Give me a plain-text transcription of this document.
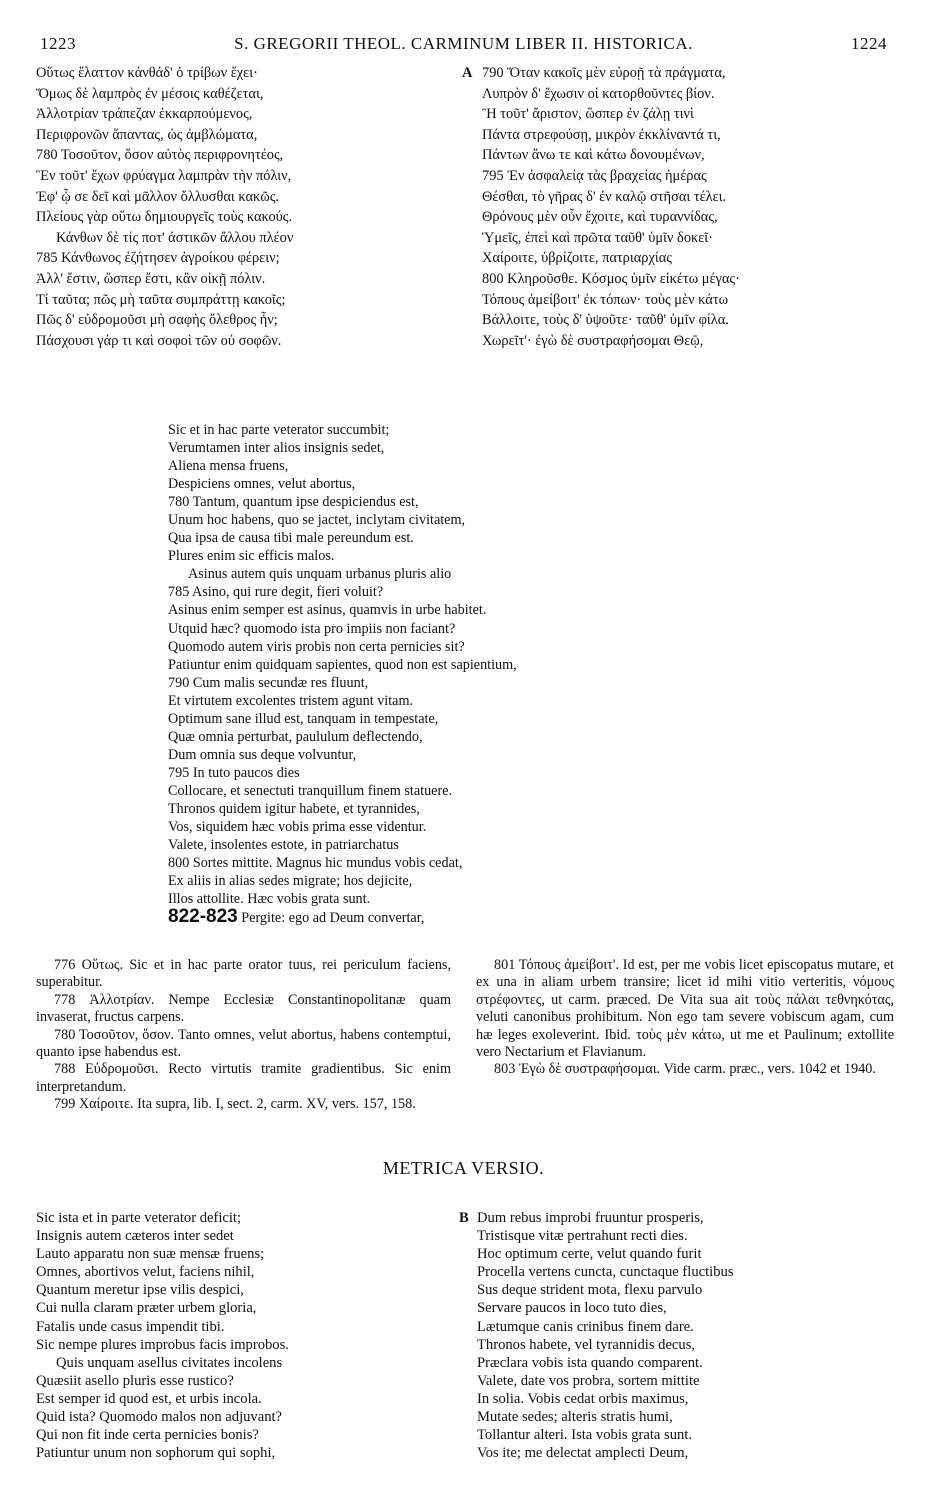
1223	S. GREGORII THEOL. CARMINUM LIBER II. HISTORICA.	1224
Οὕτως ἔλαττον κἀνθάδ' ὁ τρίβων ἔχει·
Ὅμως δὲ λαμπρὸς ἐν μέσοις καθέζεται,
Ἀλλοτρίαν τράπεζαν ἐκκαρπούμενος,
Περιφρονῶν ἅπαντας, ὡς ἀμβλώματα,
780 Τοσοῦτον, ὅσον αὐτὸς περιφρονητέος,
Ἓν τοῦτ' ἔχων φρύαγμα λαμπρὰν τὴν πόλιν,
Ἐφ' ᾧ σε δεῖ καὶ μᾶλλον ὄλλυσθαι κακῶς.
Πλείους γὰρ οὕτω δημιουργεῖς τοὺς κακούς.
Κάνθων δὲ τίς ποτ' ἀστικῶν ἄλλου πλέον
785 Κάνθωνος ἐζήτησεν ἀγροίκου φέρειν;
Ἀλλ' ἔστιν, ὥσπερ ἔστι, κἂν οἰκῇ πόλιν.
Τί ταῦτα; πῶς μὴ ταῦτα συμπράττῃ κακοῖς;
Πῶς δ' εὐδρομοῦσι μὴ σαφὴς ὄλεθρος ἦν;
Πάσχουσι γάρ τι καὶ σοφοὶ τῶν οὐ σοφῶν.
A 790 Ὅταν κακοῖς μὲν εὐροῇ τὰ πράγματα,
Λυπρὸν δ' ἔχωσιν οἱ κατορθοῦντες βίον.
Ἢ τοῦτ' ἄριστον, ὥσπερ ἐν ζάλῃ τινὶ
Πάντα στρεφούσῃ, μικρὸν ἐκκλίναντά τι,
Πάντων ἄνω τε καὶ κάτω δονουμένων,
795 Ἐν ἀσφαλείᾳ τὰς βραχείας ἡμέρας
Θέσθαι, τὸ γῆρας δ' ἐν καλῷ στῆσαι τέλει.
Θρόνους μὲν οὖν ἔχοιτε, καὶ τυραννίδας,
Ὑμεῖς, ἐπεὶ καὶ πρῶτα ταῦθ' ὑμῖν δοκεῖ·
Χαίροιτε, ὑβρίζοιτε, πατριαρχίας
800 Κληροῦσθε. Κόσμος ὑμῖν εἰκέτω μέγας·
Τόπους ἀμείβοιτ' ἐκ τόπων· τοὺς μὲν κάτω
Βάλλοιτε, τοὺς δ' ὑψοῦτε· ταῦθ' ὑμῖν φίλα.
Χωρεῖτ'· ἐγὼ δὲ συστραφήσομαι Θεῷ,
Sic et in hac parte veterator succumbit;
Verumtamen inter alios insignis sedet,
Aliena mensa fruens,
Despiciens omnes, velut abortus,
780 Tantum, quantum ipse despiciendus est,
Unum hoc habens, quo se jactet, inclytam civitatem,
Qua ipsa de causa tibi male pereundum est.
Plures enim sic efficis malos.
Asinus autem quis unquam urbanus pluris alio
785 Asino, qui rure degit, fieri voluit?
Asinus enim semper est asinus, quamvis in urbe habitet.
Utquid hæc? quomodo ista pro impiis non faciant?
Quomodo autem viris probis non certa pernicies sit?
Patiuntur enim quidquam sapientes, quod non est sapientium,
790 Cum malis secundæ res fluunt,
Et virtutem excolentes tristem agunt vitam.
Optimum sane illud est, tanquam in tempestate,
Quæ omnia perturbat, paululum deflectendo,
Dum omnia sus deque volvuntur,
795 In tuto paucos dies
Collocare, et senectuti tranquillum finem statuere.
Thronos quidem igitur habete, et tyrannides,
Vos, siquidem hæc vobis prima esse videntur.
Valete, insolentes estote, in patriarchatus
800 Sortes mittite. Magnus hic mundus vobis cedat,
Ex aliis in alias sedes migrate; hos dejicite,
Illos attollite. Hæc vobis grata sunt.
822-823 Pergite: ego ad Deum convertar,

776 Οὕτως. Sic et in hac parte orator tuus, rei periculum faciens, superabitur.

778 Ἀλλοτρίαν. Nempe Ecclesiæ Constantinopolitanæ quam invaserat, fructus carpens.

780 Τοσοῦτον, ὅσον. Tanto omnes, velut abortus, habens contemptui, quanto ipse habendus est.

788 Εὐδρομοῦσι. Recto virtutis tramite gradientibus. Sic enim interpretandum.

799 Χαίροιτε. Ita supra, lib. I, sect. 2, carm. XV, vers. 157, 158.

801 Τόπους ἀμείβοιτ'. Id est, per me vobis licet episcopatus mutare, et ex una in aliam urbem transire; licet id mihi vitio verteritis, νόμους στρέφοντες, ut carm. præced. De Vita sua ait τοὺς πάλαι τεθνηκότας, veluti canonibus prohibitum. Non ego tam severe vobiscum agam, cum hæ leges exoleverint. Ibid. τοὺς μὲν κάτω, ut me et Paulinum; extollite vero Nectarium et Flavianum.

803 Ἐγὼ δὲ συστραφήσομαι. Vide carm. præc., vers. 1042 et 1940.

METRICA VERSIO.
Sic ista et in parte veterator deficit;
Insignis autem cæteros inter sedet
Lauto apparatu non suæ mensæ fruens;
Omnes, abortivos velut, faciens nihil,
Quantum meretur ipse vilis despici,
Cui nulla claram præter urbem gloria,
Fatalis unde casus impendit tibi.
Sic nempe plures improbus facis improbos.
Quis unquam asellus civitates incolens
Quæsiit asello pluris esse rustico?
Est semper id quod est, et urbis incola.
Quid ista? Quomodo malos non adjuvant?
Qui non fit inde certa pernicies bonis?
Patiuntur unum non sophorum qui sophi,
B Dum rebus improbi fruuntur prosperis,
Tristisque vitæ pertrahunt recti dies.
Hoc optimum certe, velut quando furit
Procella vertens cuncta, cunctaque fluctibus
Sus deque strident mota, flexu parvulo
Servare paucos in loco tuto dies,
Lætumque canis crinibus finem dare.
Thronos habete, vel tyrannidis decus,
Præclara vobis ista quando comparent.
Valete, date vos probra, sortem mittite
In solia. Vobis cedat orbis maximus,
Mutate sedes; alteris stratis humi,
Tollantur alteri. Ista vobis grata sunt.
Vos ite; me delectat amplecti Deum,
